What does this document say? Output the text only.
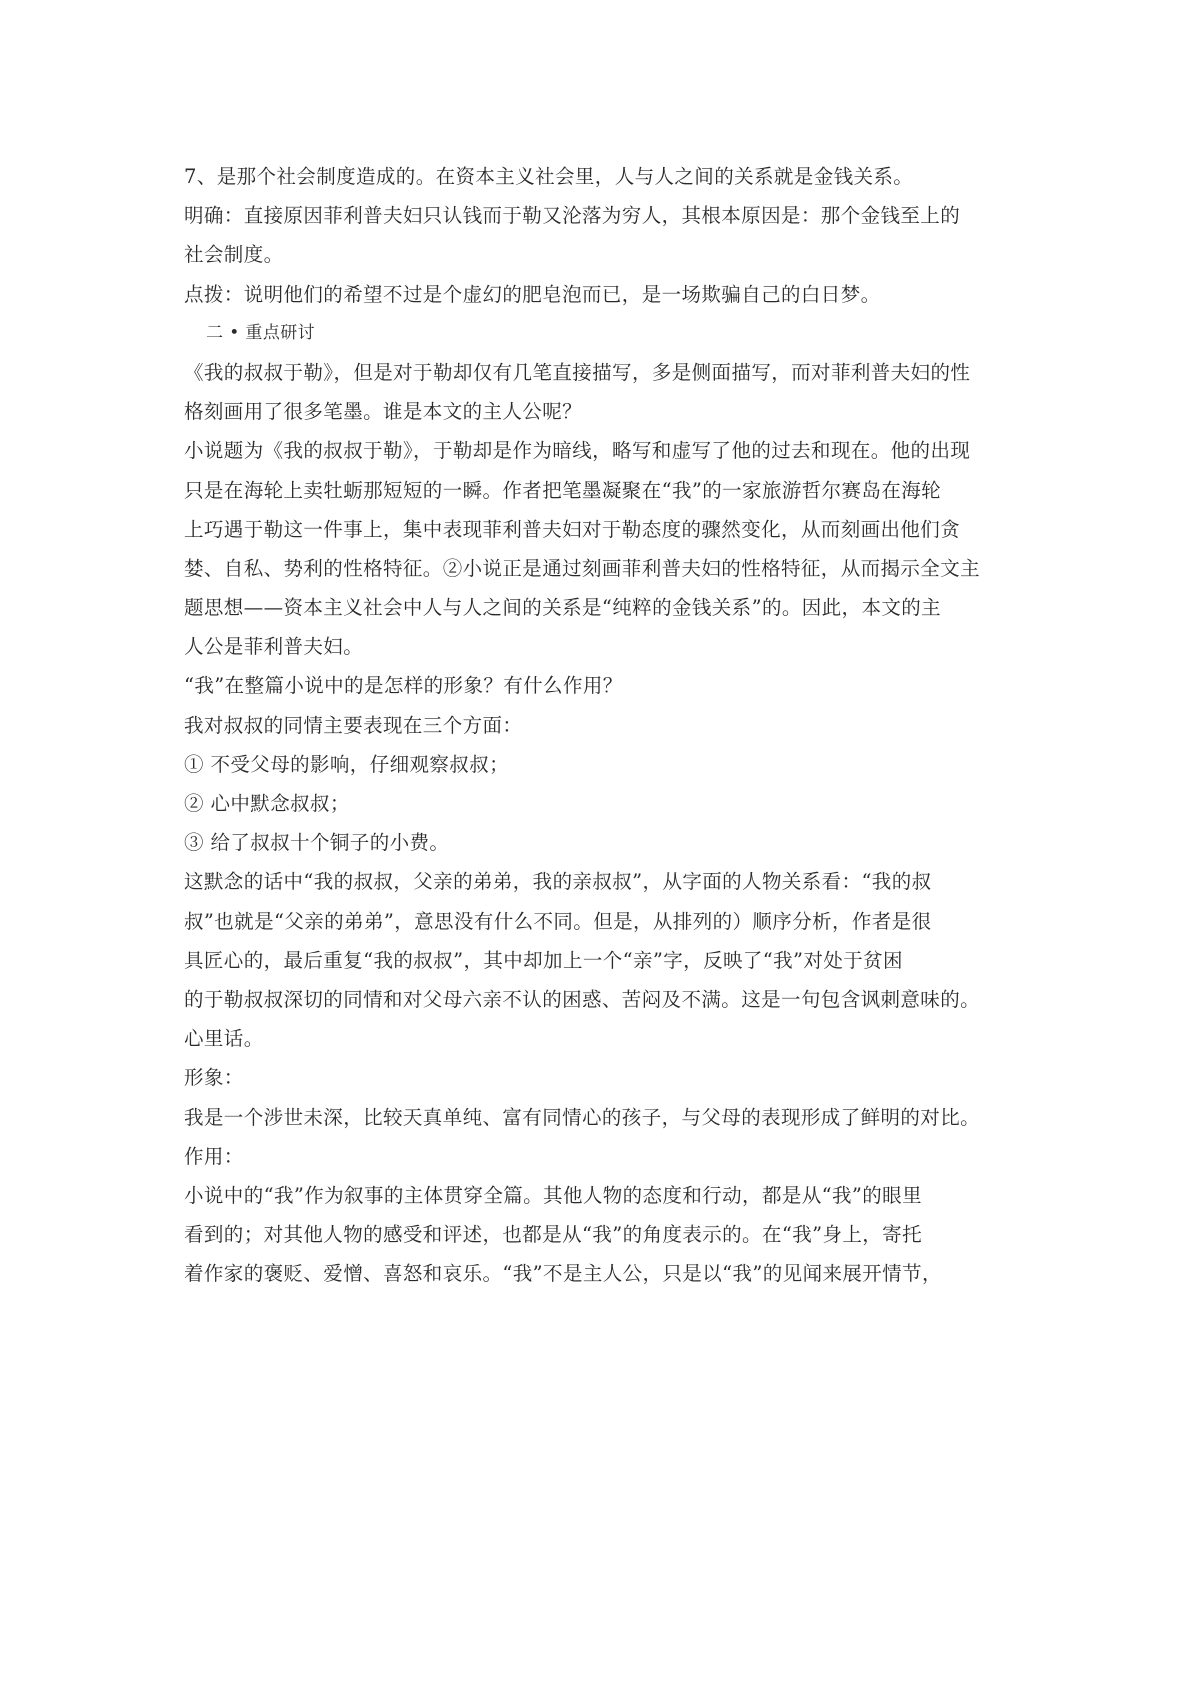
7、是那个社会制度造成的。在资本主义社会里，人与人之间的关系就是金钱关系。
明确：直接原因菲利普夫妇只认钱而于勒又沦落为穷人，其根本原因是：那个金钱至上的
社会制度。
点拨：说明他们的希望不过是个虚幻的肥皂泡而已，是一场欺骗自己的白日梦。
二 • 重点研讨
《我的叔叔于勒》，但是对于勒却仅有几笔直接描写，多是侧面描写，而对菲利普夫妇的性
格刻画用了很多笔墨。谁是本文的主人公呢？
小说题为《我的叔叔于勒》，于勒却是作为暗线，略写和虚写了他的过去和现在。他的出现
只是在海轮上卖牡蛎那短短的一瞬。作者把笔墨凝聚在“我”的一家旅游哲尔赛岛在海轮
上巧遇于勒这一件事上，集中表现菲利普夫妇对于勒态度的骤然变化，从而刻画出他们贪
婪、自私、势利的性格特征。②小说正是通过刻画菲利普夫妇的性格特征，从而揭示全文主
题思想——资本主义社会中人与人之间的关系是“纯粹的金钱关系”的。因此，本文的主
人公是菲利普夫妇。
“我”在整篇小说中的是怎样的形象？有什么作用？
我对叔叔的同情主要表现在三个方面：
① 不受父母的影响，仔细观察叔叔；
② 心中默念叔叔；
③ 给了叔叔十个铜子的小费。
这默念的话中“我的叔叔，父亲的弟弟，我的亲叔叔”，从字面的人物关系看：“我的叔
叔”也就是“父亲的弟弟”，意思没有什么不同。但是，从排列的）顺序分析，作者是很
具匠心的，最后重复“我的叔叔”，其中却加上一个“亲”字，反映了“我”对处于贫困
的于勒叔叔深切的同情和对父母六亲不认的困惑、苦闷及不满。这是一句包含讽刺意味的。
心里话。
形象：
我是一个涉世未深，比较天真单纯、富有同情心的孩子，与父母的表现形成了鲜明的对比。
作用：
小说中的“我”作为叙事的主体贯穿全篇。其他人物的态度和行动，都是从“我”的眼里
看到的；对其他人物的感受和评述，也都是从“我”的角度表示的。在“我”身上，寄托
着作家的褒贬、爱憎、喜怒和哀乐。“我”不是主人公，只是以“我”的见闻来展开情节，
